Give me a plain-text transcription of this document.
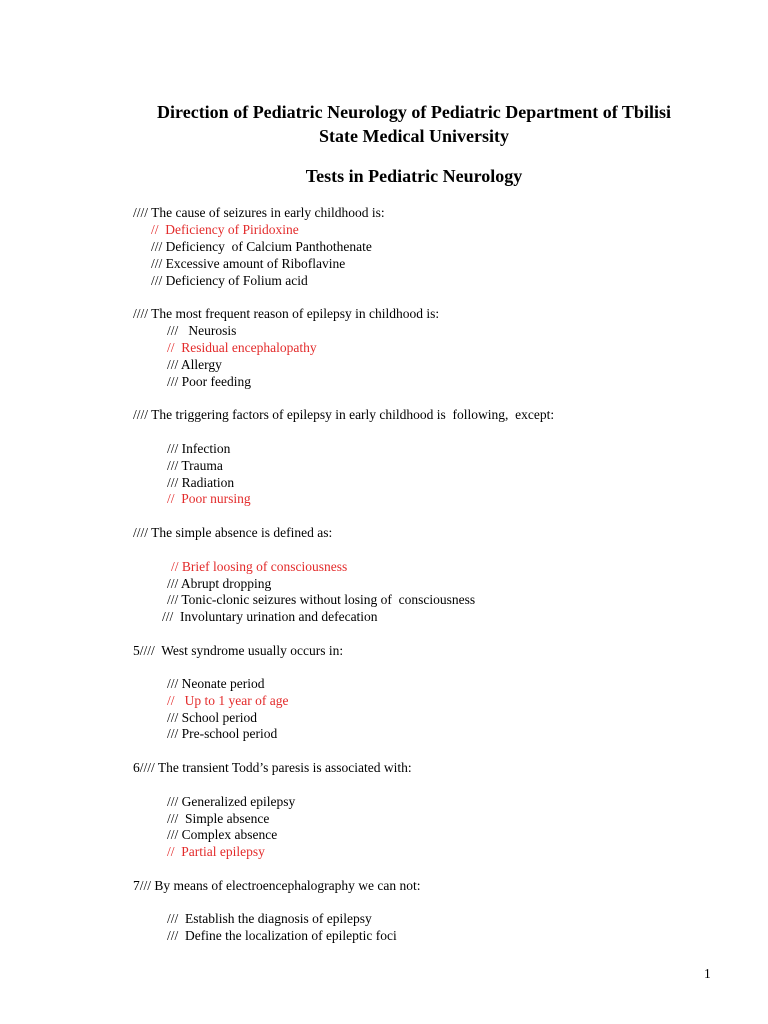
Direction of Pediatric Neurology of Pediatric Department of Tbilisi
State Medical University
Tests in Pediatric Neurology
//// The cause of seizures in early childhood is:
//  Deficiency of Piridoxine
/// Deficiency  of Calcium Panthothenate
/// Excessive amount of Riboflavine
/// Deficiency of Folium acid
//// The most frequent reason of epilepsy in childhood is:
///   Neurosis
//  Residual encephalopathy
/// Allergy
/// Poor feeding
//// The triggering factors of epilepsy in early childhood is  following,  except:
/// Infection
/// Trauma
/// Radiation
//  Poor nursing
//// The simple absence is defined as:
// Brief loosing of consciousness
/// Abrupt dropping
/// Tonic-clonic seizures without losing of  consciousness
///  Involuntary urination and defecation
5////  West syndrome usually occurs in:
/// Neonate period
//   Up to 1 year of age
/// School period
/// Pre-school period
6//// The transient Todd’s paresis is associated with:
/// Generalized epilepsy
///  Simple absence
/// Complex absence
//  Partial epilepsy
7/// By means of electroencephalography we can not:
///  Establish the diagnosis of epilepsy
///  Define the localization of epileptic foci
1
